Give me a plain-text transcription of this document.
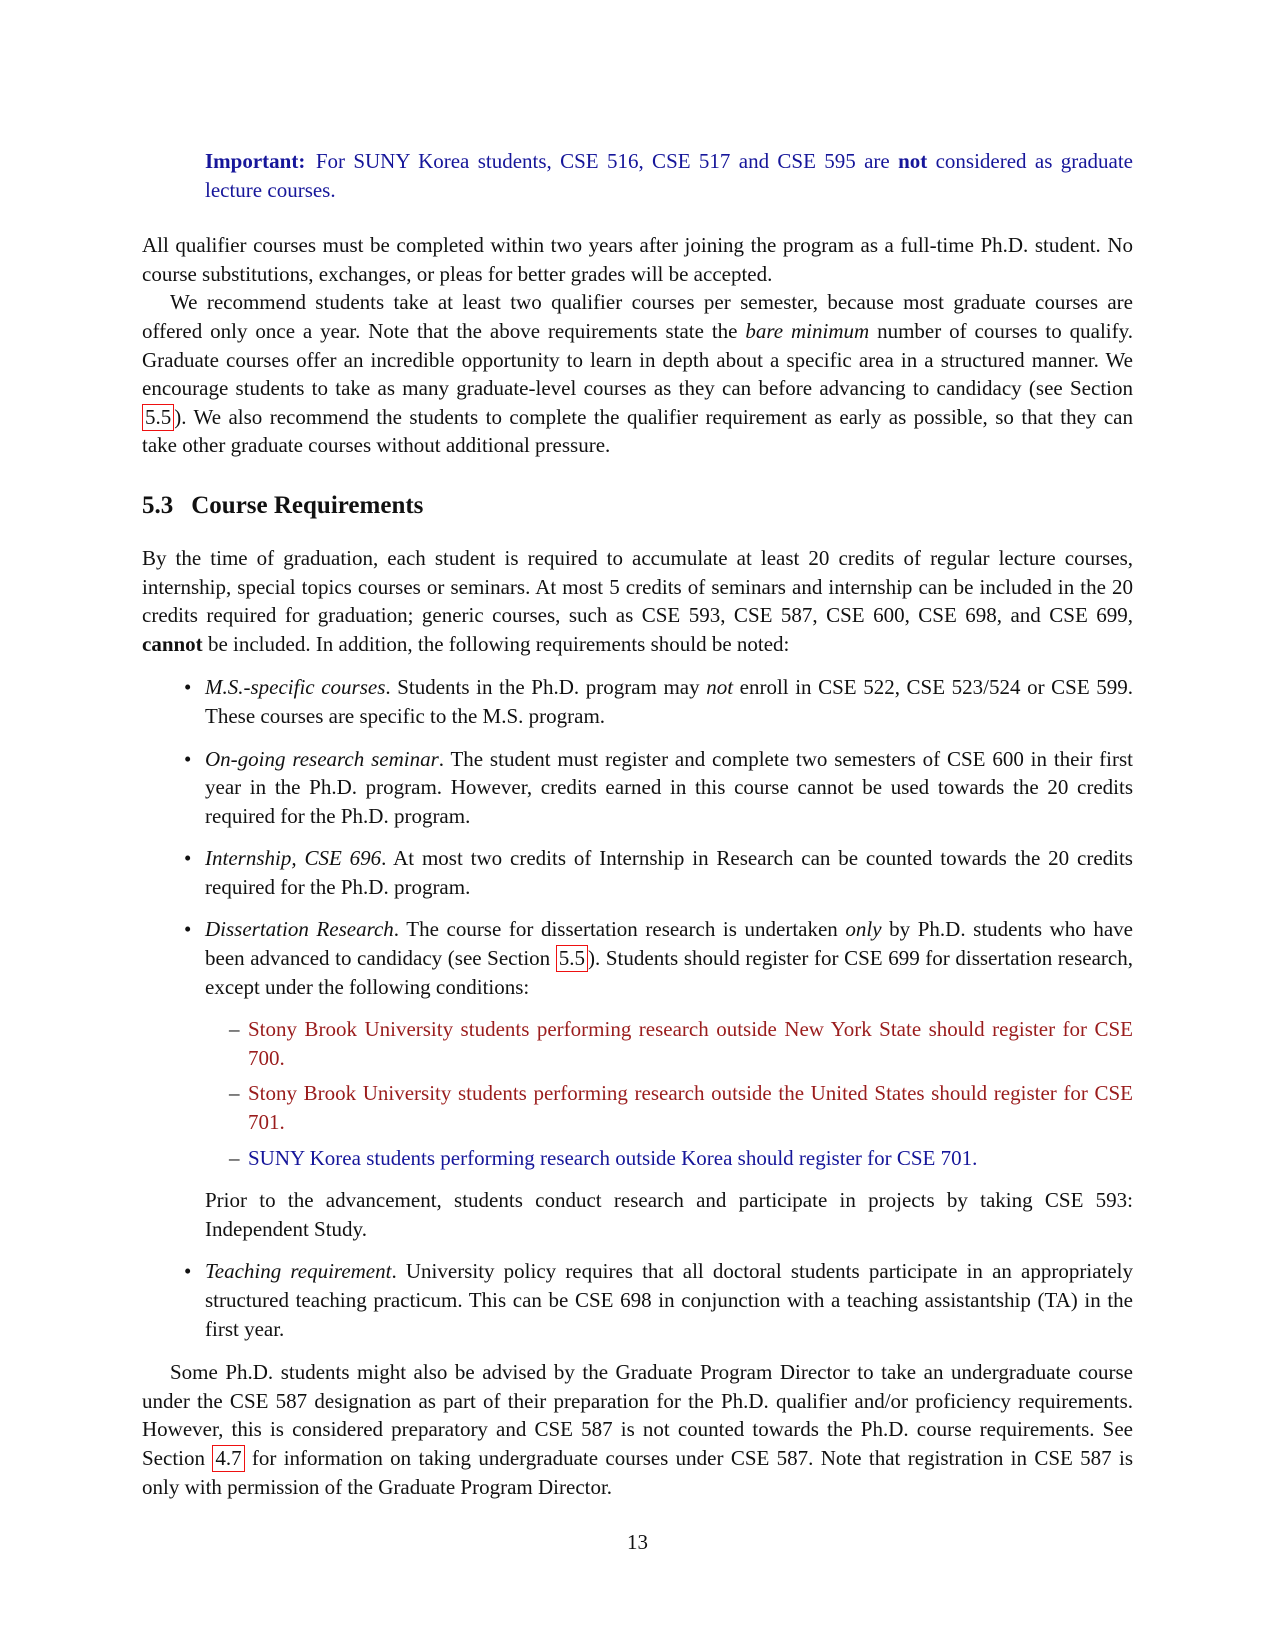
Important: For SUNY Korea students, CSE 516, CSE 517 and CSE 595 are not considered as graduate lecture courses.

All qualifier courses must be completed within two years after joining the program as a full-time Ph.D. student. No course substitutions, exchanges, or pleas for better grades will be accepted.

We recommend students take at least two qualifier courses per semester, because most graduate courses are offered only once a year. Note that the above requirements state the bare minimum number of courses to qualify. Graduate courses offer an incredible opportunity to learn in depth about a specific area in a structured manner. We encourage students to take as many graduate-level courses as they can before advancing to candidacy (see Section 5.5 ). We also recommend the students to complete the qualifier requirement as early as possible, so that they can take other graduate courses without additional pressure.

5.3 Course Requirements

By the time of graduation, each student is required to accumulate at least 20 credits of regular lecture courses, internship, special topics courses or seminars. At most 5 credits of seminars and internship can be included in the 20 credits required for graduation; generic courses, such as CSE 593, CSE 587, CSE 600, CSE 698, and CSE 699, cannot be included. In addition, the following requirements should be noted:

• M.S.-specific courses. Students in the Ph.D. program may not enroll in CSE 522, CSE 523/524 or CSE 599. These courses are specific to the M.S. program.
• On-going research seminar. The student must register and complete two semesters of CSE 600 in their first year in the Ph.D. program. However, credits earned in this course cannot be used towards the 20 credits required for the Ph.D. program.
• Internship, CSE 696. At most two credits of Internship in Research can be counted towards the 20 credits required for the Ph.D. program.
• Dissertation Research. The course for dissertation research is undertaken only by Ph.D. students who have been advanced to candidacy (see Section 5.5 ). Students should register for CSE 699 for dissertation research, except under the following conditions:
– Stony Brook University students performing research outside New York State should register for CSE 700.
– Stony Brook University students performing research outside the United States should register for CSE 701.
– SUNY Korea students performing research outside Korea should register for CSE 701.
Prior to the advancement, students conduct research and participate in projects by taking CSE 593: Independent Study.
• Teaching requirement. University policy requires that all doctoral students participate in an appropriately structured teaching practicum. This can be CSE 698 in conjunction with a teaching assistantship (TA) in the first year.

Some Ph.D. students might also be advised by the Graduate Program Director to take an undergraduate course under the CSE 587 designation as part of their preparation for the Ph.D. qualifier and/or proficiency requirements. However, this is considered preparatory and CSE 587 is not counted towards the Ph.D. course requirements. See Section 4.7 for information on taking undergraduate courses under CSE 587. Note that registration in CSE 587 is only with permission of the Graduate Program Director.

13
